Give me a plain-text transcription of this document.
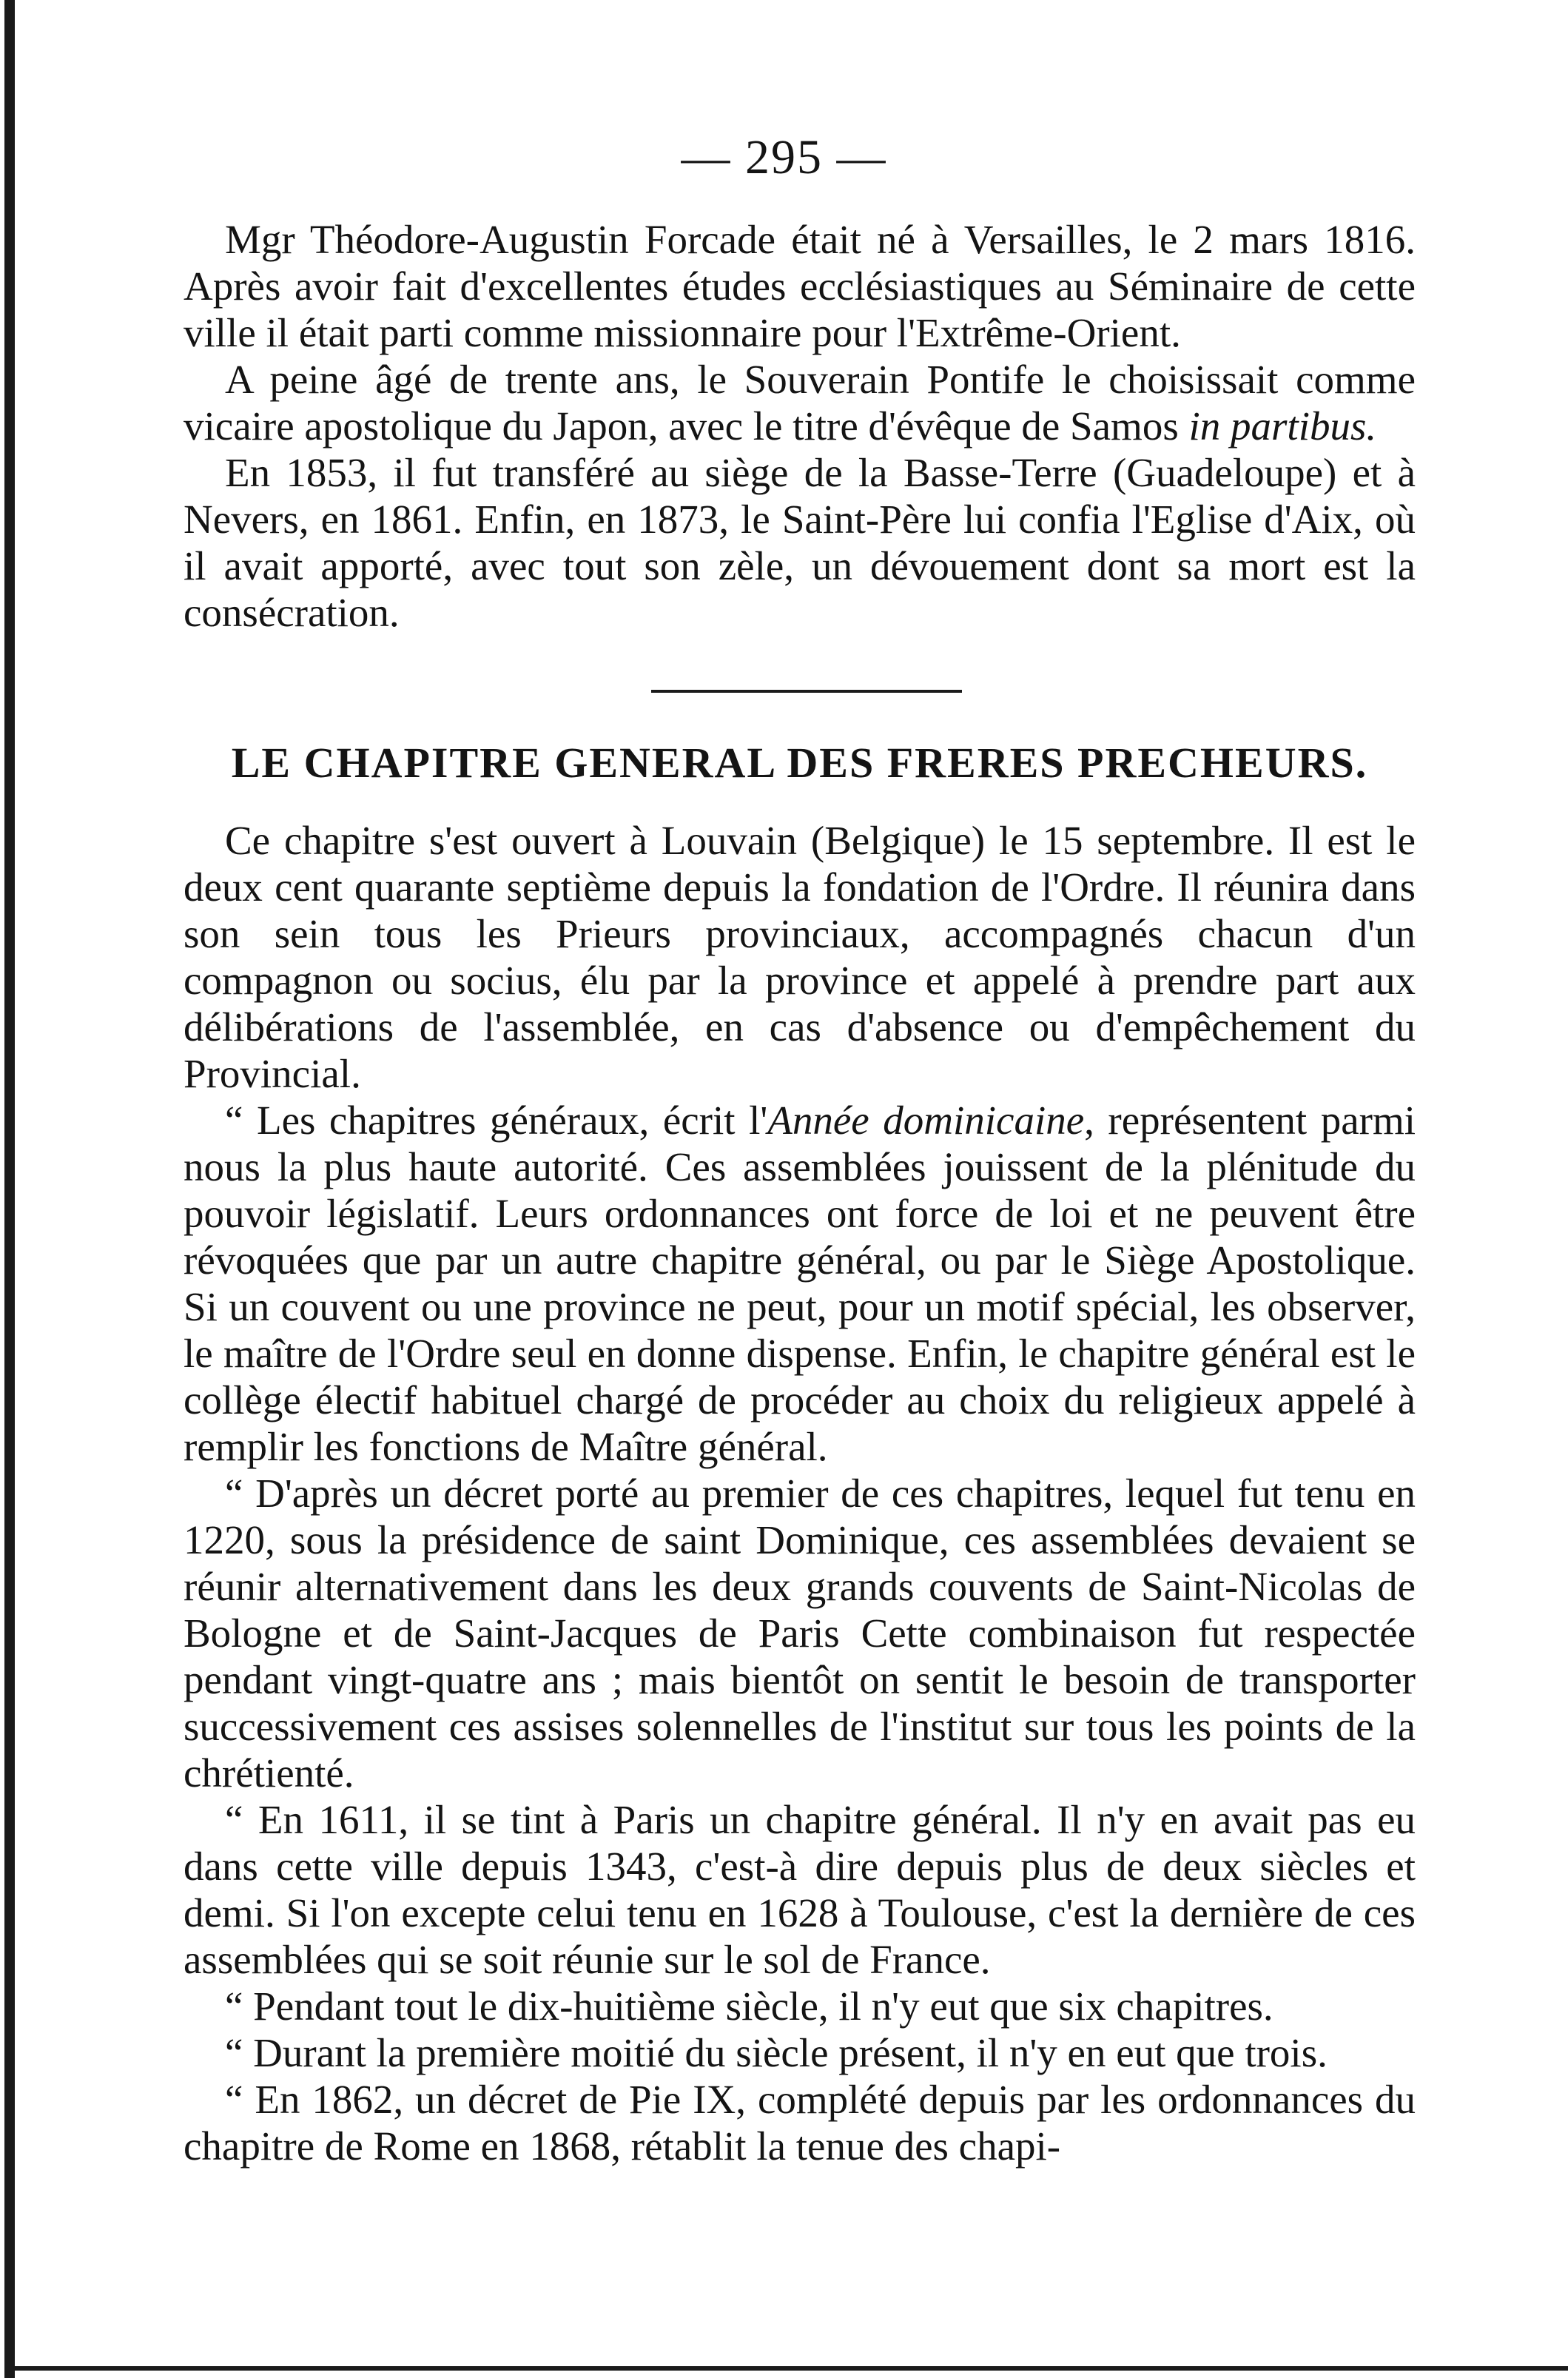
— 295 —

Mgr Théodore-Augustin Forcade était né à Versailles, le 2 mars 1816. Après avoir fait d'excellentes études ecclésiastiques au Séminaire de cette ville il était parti comme missionnaire pour l'Extrême-Orient.

A peine âgé de trente ans, le Souverain Pontife le choisissait comme vicaire apostolique du Japon, avec le titre d'évêque de Samos in partibus.

En 1853, il fut transféré au siège de la Basse-Terre (Guadeloupe) et à Nevers, en 1861. Enfin, en 1873, le Saint-Père lui confia l'Eglise d'Aix, où il avait apporté, avec tout son zèle, un dévouement dont sa mort est la consécration.

LE CHAPITRE GENERAL DES FRERES PRECHEURS.

Ce chapitre s'est ouvert à Louvain (Belgique) le 15 septembre. Il est le deux cent quarante septième depuis la fondation de l'Ordre. Il réunira dans son sein tous les Prieurs provinciaux, accompagnés chacun d'un compagnon ou socius, élu par la province et appelé à prendre part aux délibérations de l'assemblée, en cas d'absence ou d'empêchement du Provincial.

“ Les chapitres généraux, écrit l'Année dominicaine, représentent parmi nous la plus haute autorité. Ces assemblées jouissent de la plénitude du pouvoir législatif. Leurs ordonnances ont force de loi et ne peuvent être révoquées que par un autre chapitre général, ou par le Siège Apostolique. Si un couvent ou une province ne peut, pour un motif spécial, les observer, le maître de l'Ordre seul en donne dispense. Enfin, le chapitre général est le collège électif habituel chargé de procéder au choix du religieux appelé à remplir les fonctions de Maître général.

“ D'après un décret porté au premier de ces chapitres, lequel fut tenu en 1220, sous la présidence de saint Dominique, ces assemblées devaient se réunir alternativement dans les deux grands couvents de Saint-Nicolas de Bologne et de Saint-Jacques de Paris Cette combinaison fut respectée pendant vingt-quatre ans ; mais bientôt on sentit le besoin de transporter successivement ces assises solennelles de l'institut sur tous les points de la chrétienté.

“ En 1611, il se tint à Paris un chapitre général. Il n'y en avait pas eu dans cette ville depuis 1343, c'est-à dire depuis plus de deux siècles et demi. Si l'on excepte celui tenu en 1628 à Toulouse, c'est la dernière de ces assemblées qui se soit réunie sur le sol de France.

“ Pendant tout le dix-huitième siècle, il n'y eut que six chapitres.

“ Durant la première moitié du siècle présent, il n'y en eut que trois.

“ En 1862, un décret de Pie IX, complété depuis par les ordonnances du chapitre de Rome en 1868, rétablit la tenue des chapi-
